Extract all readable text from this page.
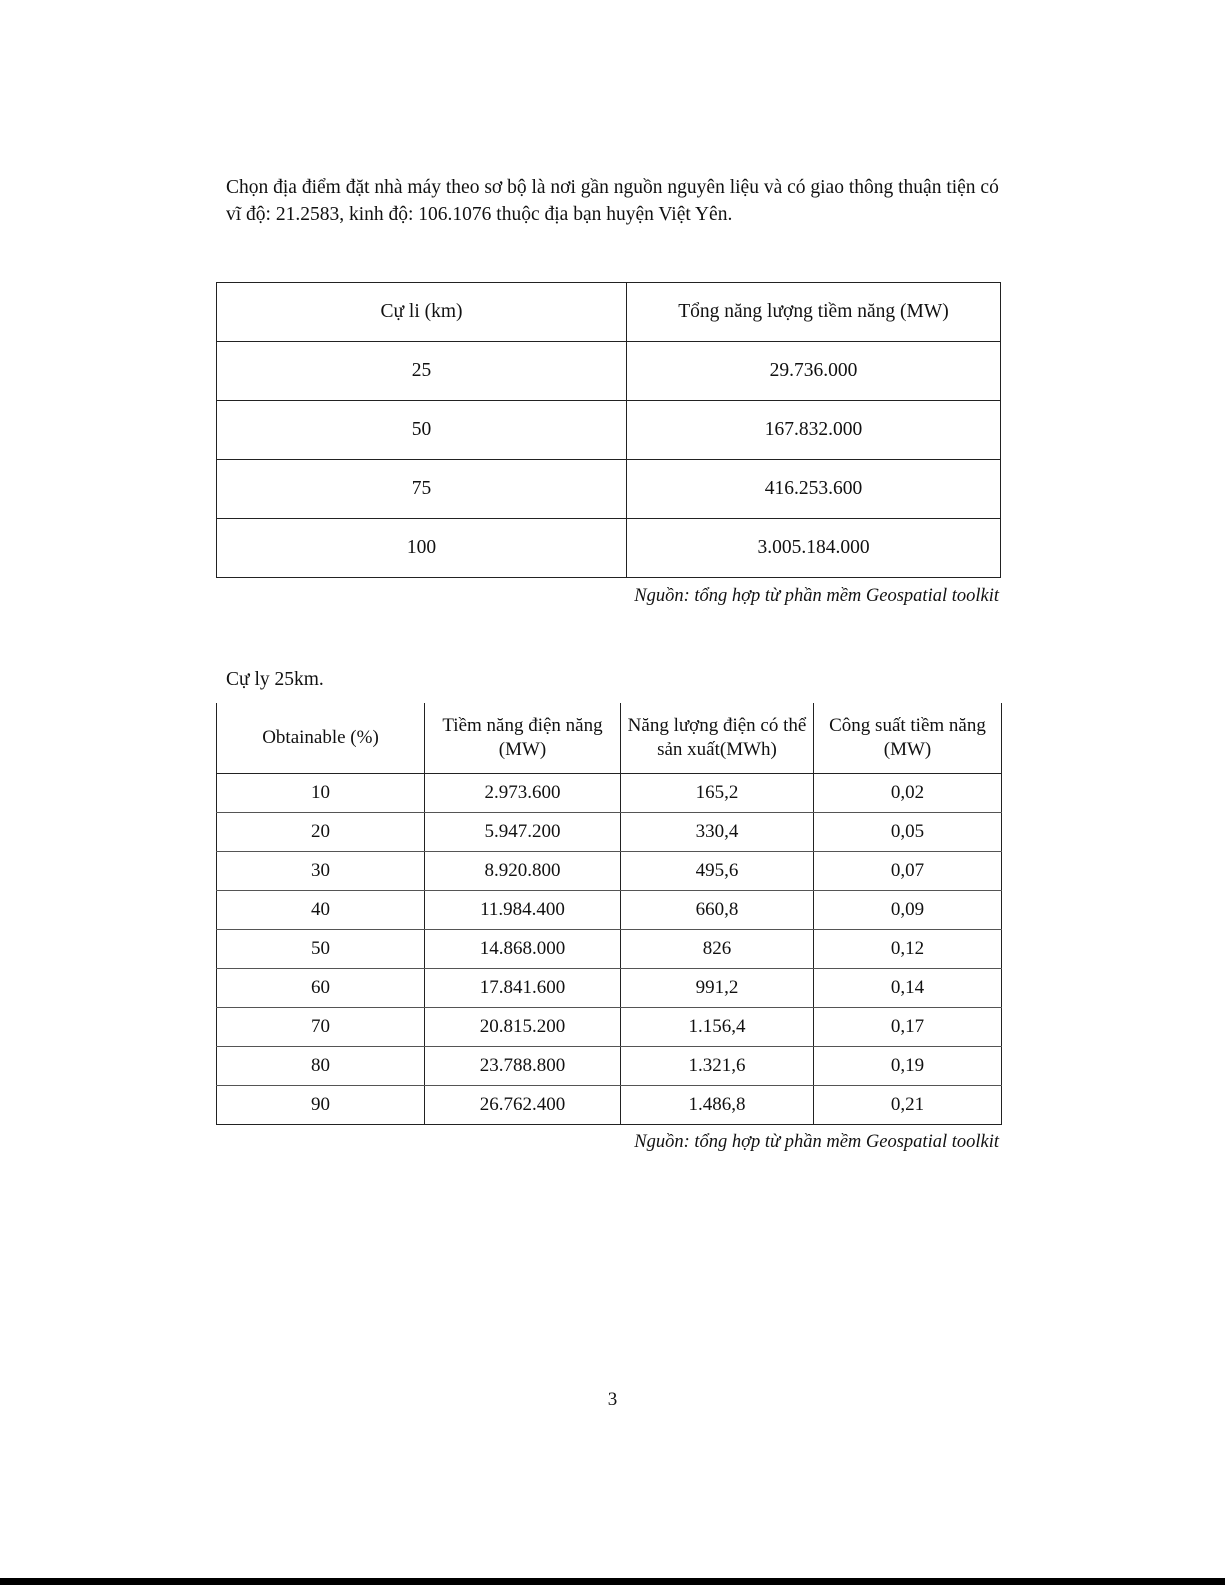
Chọn địa điểm đặt nhà máy theo sơ bộ là nơi gần nguồn nguyên liệu và có giao thông thuận tiện có vĩ độ: 21.2583, kinh độ: 106.1076 thuộc địa bạn huyện Việt Yên.

Cự li (km)	Tổng năng lượng tiềm năng (MW)
25	29.736.000
50	167.832.000
75	416.253.600
100	3.005.184.000

Nguồn: tổng hợp từ phần mềm Geospatial toolkit

Cự ly 25km.

Obtainable (%)	Tiềm năng điện năng (MW)	Năng lượng điện có thể sản xuất(MWh)	Công suất tiềm năng (MW)
10	2.973.600	165,2	0,02
20	5.947.200	330,4	0,05
30	8.920.800	495,6	0,07
40	11.984.400	660,8	0,09
50	14.868.000	826	0,12
60	17.841.600	991,2	0,14
70	20.815.200	1.156,4	0,17
80	23.788.800	1.321,6	0,19
90	26.762.400	1.486,8	0,21

Nguồn: tổng hợp từ phần mềm Geospatial toolkit

3
